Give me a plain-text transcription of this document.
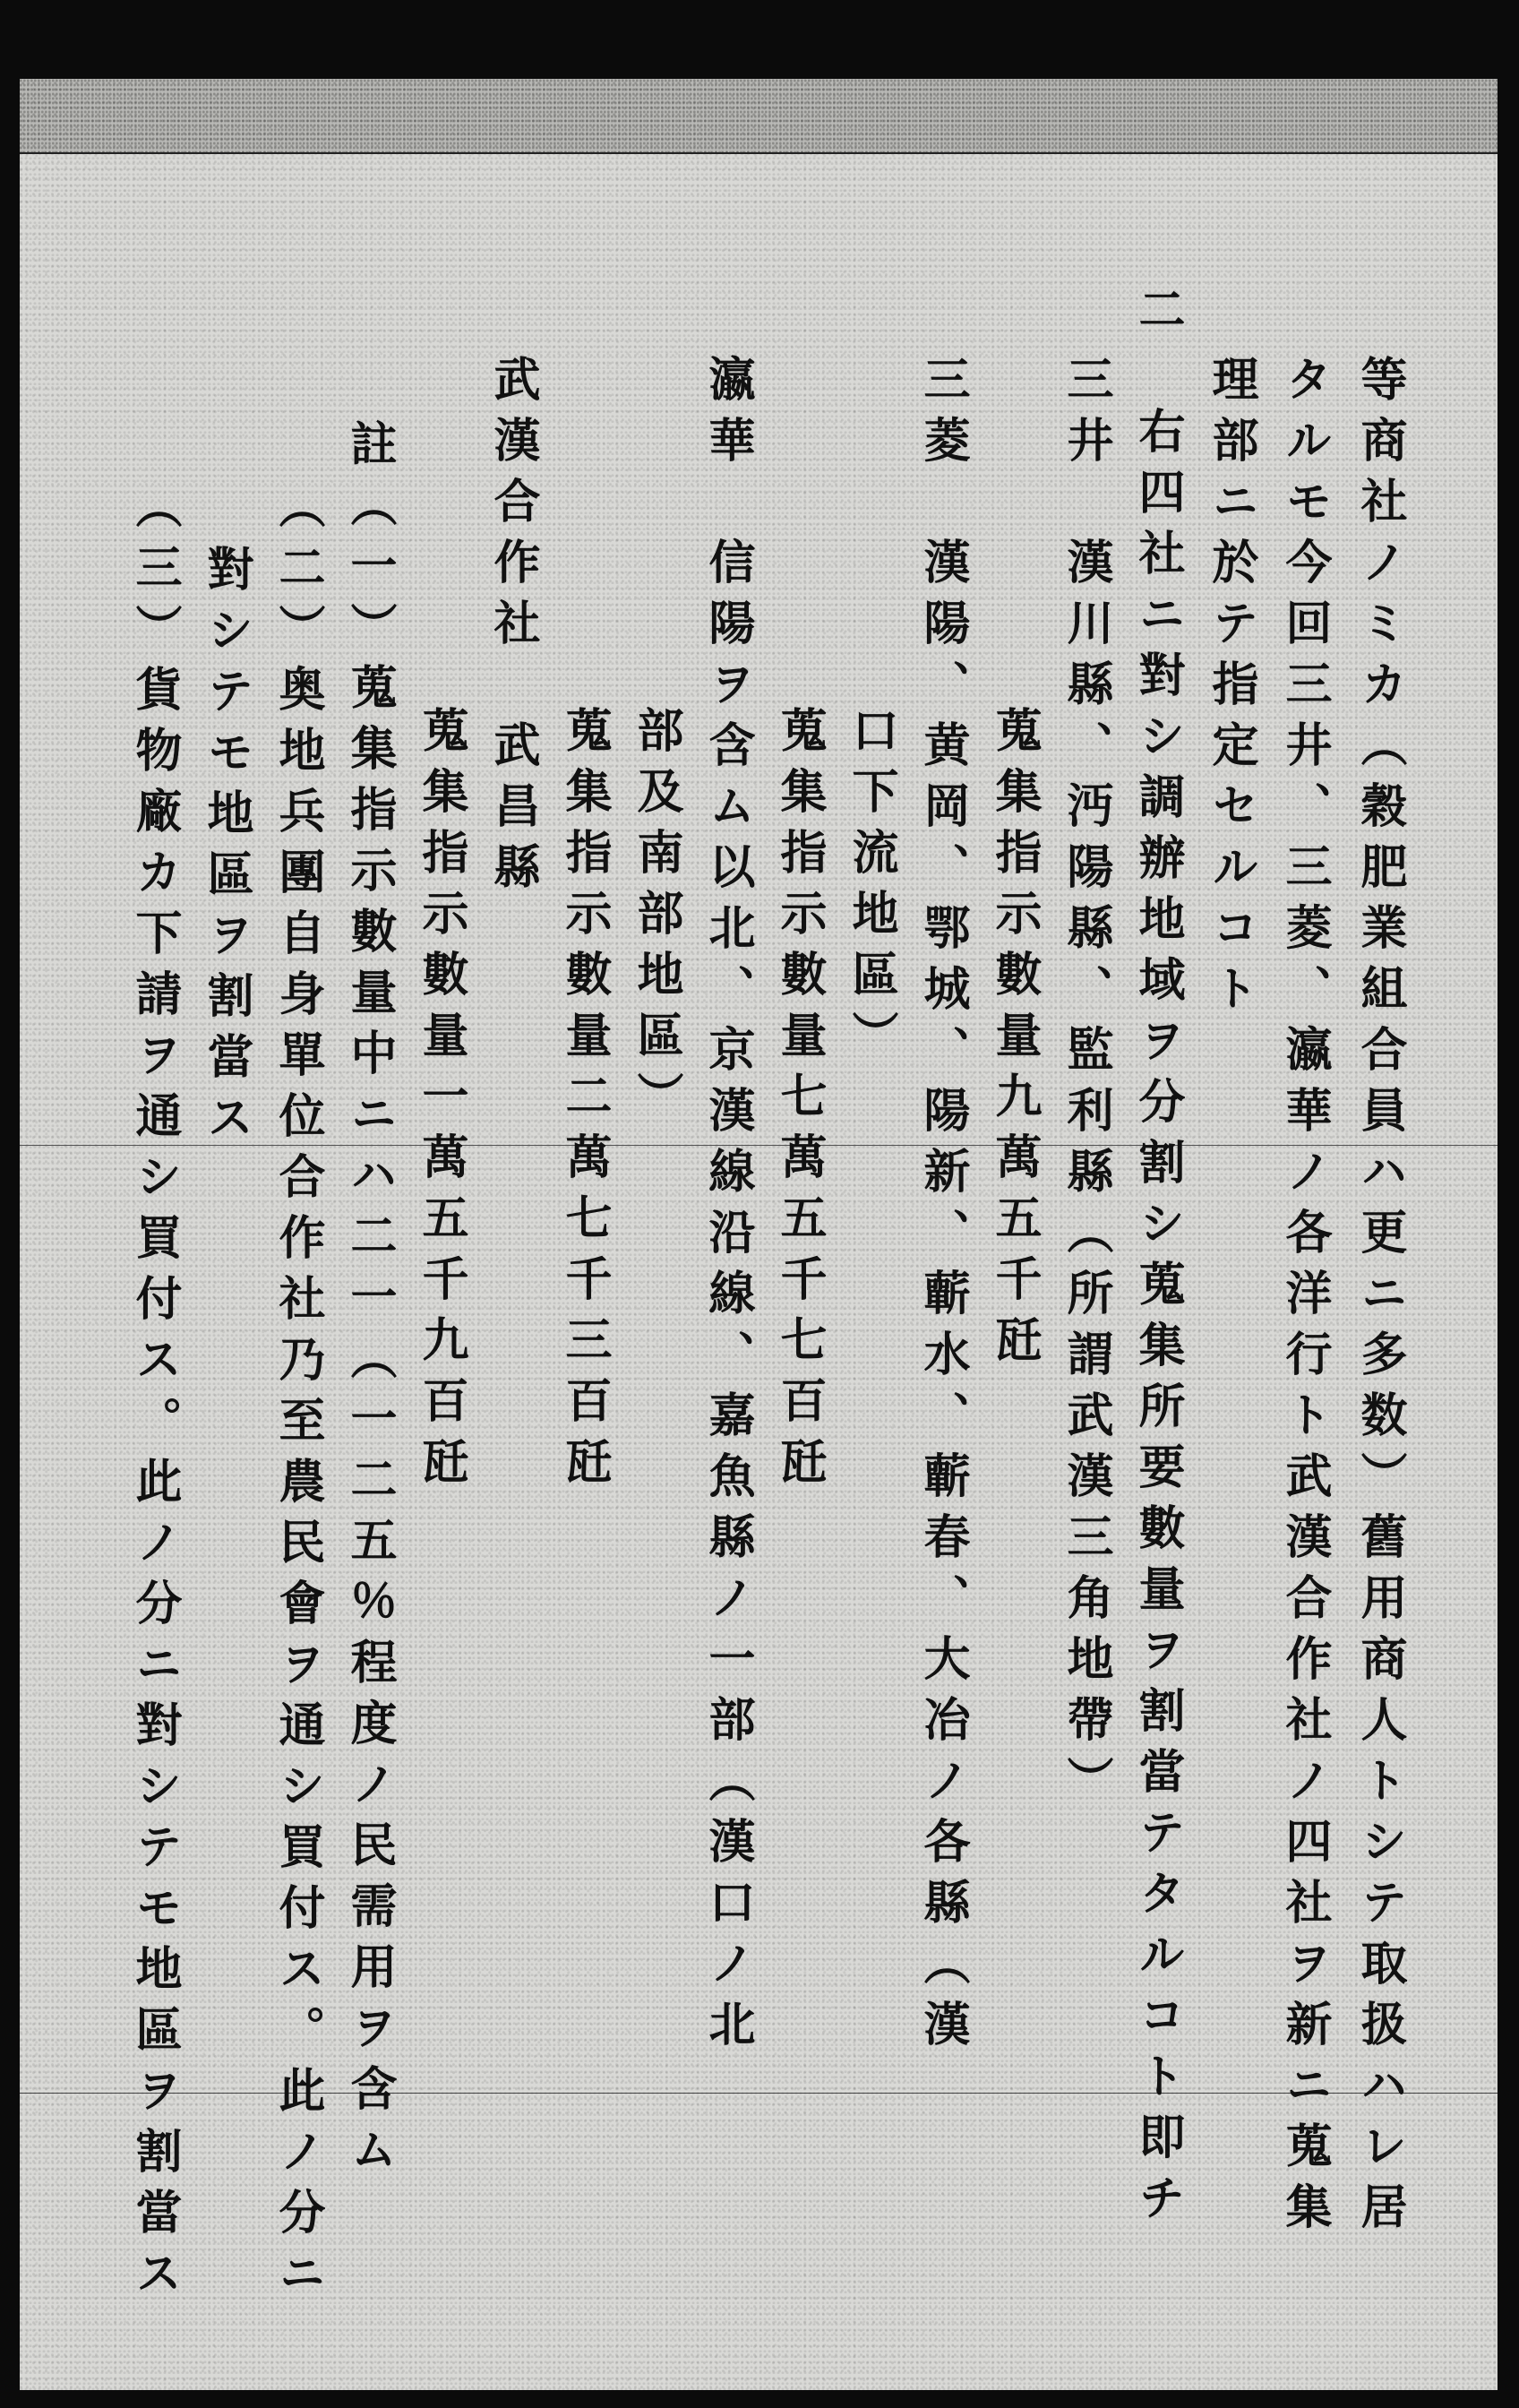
等商社ノミカ（穀肥業組合員ハ更ニ多数）舊用商人トシテ取扱ハレ居
タルモ今回三井、三菱、瀛華ノ各洋行ト武漢合作社ノ四社ヲ新ニ蒐集
理部ニ於テ指定セルコト
二　右四社ニ對シ調辦地域ヲ分割シ蒐集所要數量ヲ割當テタルコト即チ
三井　漢川縣、沔陽縣、監利縣（所謂武漢三角地帶）
蒐集指示數量九萬五千瓩
三菱　漢陽、黄岡、鄂城、陽新、蘄水、蘄春、大冶ノ各縣（漢
口下流地區）
蒐集指示數量七萬五千七百瓩
瀛華　信陽ヲ含ム以北、京漢線沿線、嘉魚縣ノ一部（漢口ノ北
部及南部地區）
蒐集指示數量二萬七千三百瓩
武漢合作社　武昌縣
蒐集指示數量一萬五千九百瓩
註（一）蒐集指示數量中ニハ二一（一二五％程度ノ民需用ヲ含ム
（二）奥地兵團自身單位合作社乃至農民會ヲ通シ買付ス。此ノ分ニ
對シテモ地區ヲ割當ス
（三）貨物廠カ下請ヲ通シ買付ス。此ノ分ニ對シテモ地區ヲ割當ス
